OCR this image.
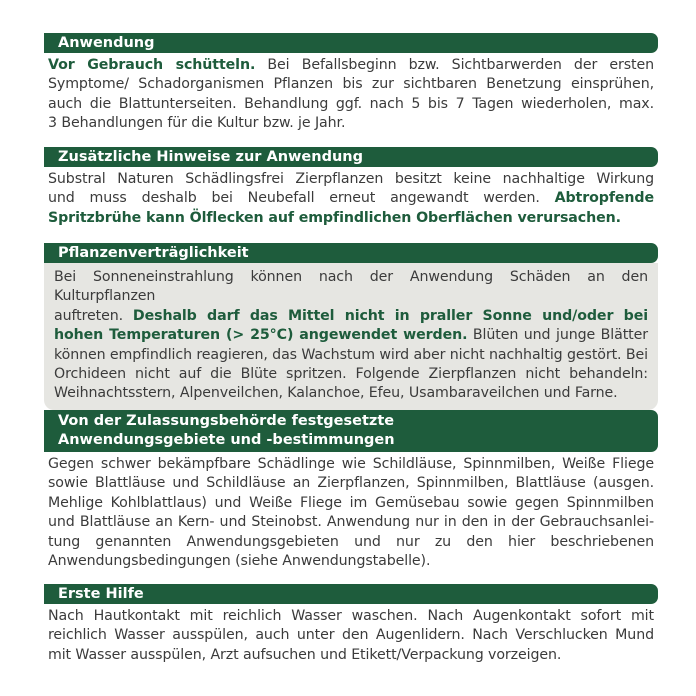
Anwendung
Vor Gebrauch schütteln. Bei Befallsbeginn bzw. Sichtbarwerden der ersten
Symptome/ Schadorganismen Pflanzen bis zur sichtbaren Benetzung einsprühen,
auch die Blattunterseiten. Behandlung ggf. nach 5 bis 7 Tagen wiederholen, max.
3 Behandlungen für die Kultur bzw. je Jahr.
Zusätzliche Hinweise zur Anwendung
Substral Naturen Schädlingsfrei Zierpflanzen besitzt keine nachhaltige Wirkung
und muss deshalb bei Neubefall erneut angewandt werden. Abtropfende
Spritzbrühe kann Ölflecken auf empfindlichen Oberflächen verursachen.
Pflanzenverträglichkeit
Bei Sonneneinstrahlung können nach der Anwendung Schäden an den Kulturpflanzen
auftreten. Deshalb darf das Mittel nicht in praller Sonne und/oder bei
hohen Temperaturen (> 25°C) angewendet werden. Blüten und junge Blätter
können empfindlich reagieren, das Wachstum wird aber nicht nachhaltig gestört. Bei
Orchideen nicht auf die Blüte spritzen. Folgende Zierpflanzen nicht behandeln:
Weihnachtsstern, Alpenveilchen, Kalanchoe, Efeu, Usambaraveilchen und Farne.
Von der Zulassungsbehörde festgesetzte
Anwendungsgebiete und -bestimmungen
Gegen schwer bekämpfbare Schädlinge wie Schildläuse, Spinnmilben, Weiße Fliege
sowie Blattläuse und Schildläuse an Zierpflanzen, Spinnmilben, Blattläuse (ausgen.
Mehlige Kohlblattlaus) und Weiße Fliege im Gemüsebau sowie gegen Spinnmilben
und Blattläuse an Kern- und Steinobst. Anwendung nur in den in der Gebrauchsanlei-
tung genannten Anwendungsgebieten und nur zu den hier beschriebenen
Anwendungsbedingungen (siehe Anwendungstabelle).
Erste Hilfe
Nach Hautkontakt mit reichlich Wasser waschen. Nach Augenkontakt sofort mit
reichlich Wasser ausspülen, auch unter den Augenlidern. Nach Verschlucken Mund
mit Wasser ausspülen, Arzt aufsuchen und Etikett/Verpackung vorzeigen.
